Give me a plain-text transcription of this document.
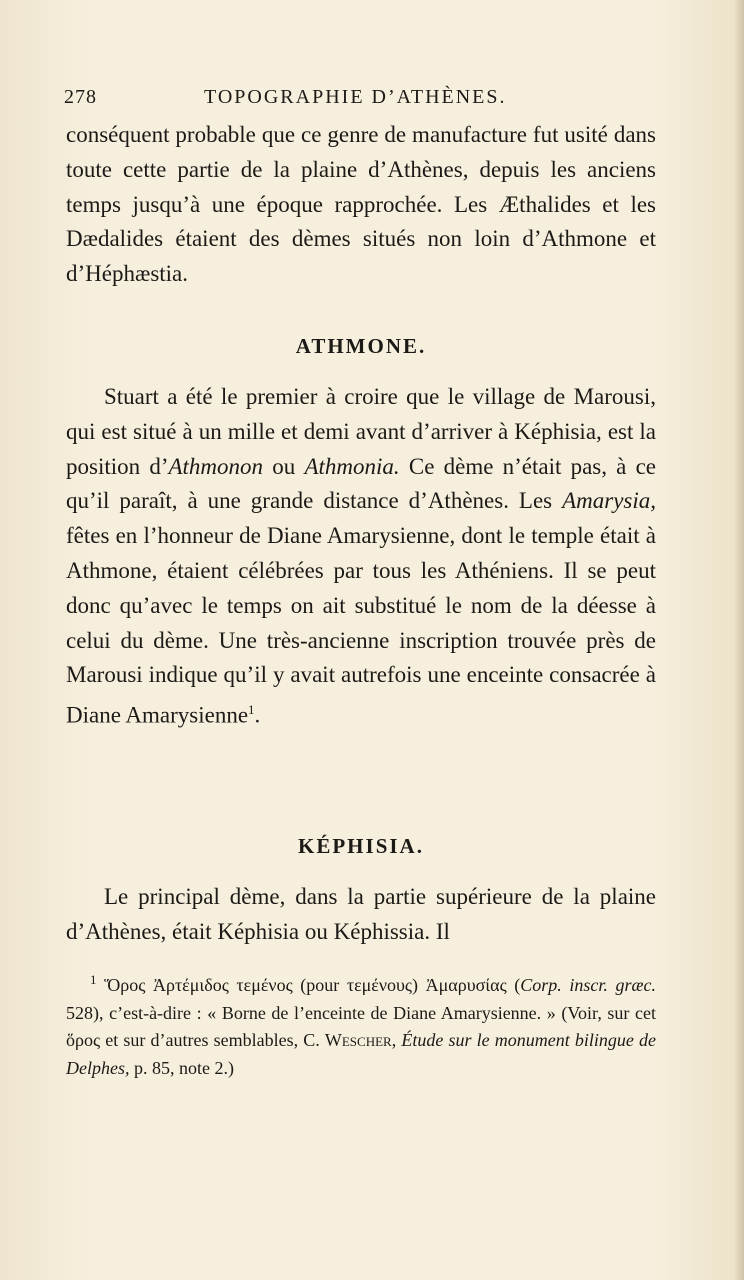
278	TOPOGRAPHIE D’ATHÈNES.

conséquent probable que ce genre de manufacture fut usité dans toute cette partie de la plaine d’Athènes, depuis les anciens temps jusqu’à une époque rapprochée. Les Æthalides et les Dædalides étaient des dèmes situés non loin d’Athmone et d’Héphæstia.

ATHMONE.

Stuart a été le premier à croire que le village de Marousi, qui est situé à un mille et demi avant d’arriver à Képhisia, est la position d’Athmonon ou Athmonia. Ce dème n’était pas, à ce qu’il paraît, à une grande distance d’Athènes. Les Amarysia, fêtes en l’honneur de Diane Amarysienne, dont le temple était à Athmone, étaient célébrées par tous les Athéniens. Il se peut donc qu’avec le temps on ait substitué le nom de la déesse à celui du dème. Une très-ancienne inscription trouvée près de Marousi indique qu’il y avait autrefois une enceinte consacrée à Diane Amarysienne$^1$.

KÉPHISIA.

Le principal dème, dans la partie supérieure de la plaine d’Athènes, était Képhisia ou Képhissia. Il

$^1$ Ὅρος Ἀρτέμιδος τεμένος (pour τεμένους) Ἀμαρυσίας (Corp. inscr. græc. 528), c’est-à-dire : « Borne de l’enceinte de Diane Amarysienne. » (Voir, sur cet ὅρος et sur d’autres semblables, C. Wescher, Étude sur le monument bilingue de Delphes, p. 85, note 2.)
